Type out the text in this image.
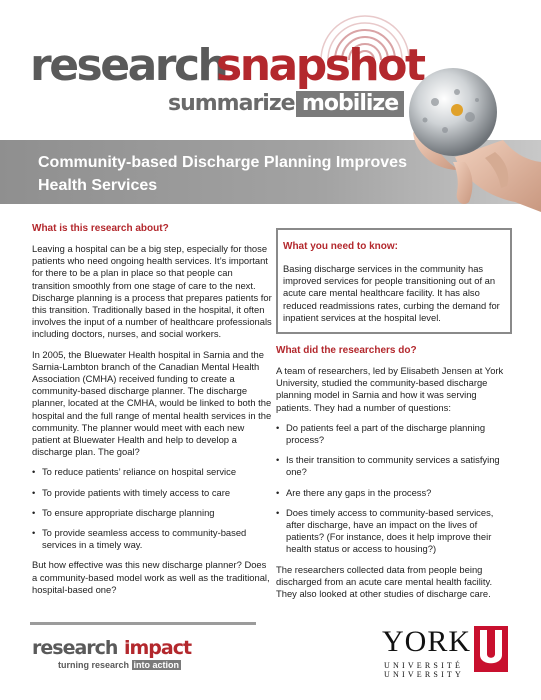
research
snapshot
summarize mobilize
Community-based Discharge Planning Improves
Health Services
What is this research about?

Leaving a hospital can be a big step, especially for those patients who need ongoing health services. It’s important for there to be a plan in place so that people can transition smoothly from one stage of care to the next. Discharge planning is a process that prepares patients for this transition. Traditionally based in the hospital, it often involves the input of a number of healthcare professionals including doctors, nurses, and social workers.

In 2005, the Bluewater Health hospital in Sarnia and the Sarnia-Lambton branch of the Canadian Mental Health Association (CMHA) received funding to create a community-based discharge planner. The discharge planner, located at the CMHA, would be linked to both the hospital and the full range of mental health services in the community. The planner would meet with each new patient at Bluewater Health and help to develop a discharge plan. The goal?

• To reduce patients’ reliance on hospital service
• To provide patients with timely access to care
• To ensure appropriate discharge planning
• To provide seamless access to community-based services in a timely way.

But how effective was this new discharge planner? Does a community-based model work as well as the traditional, hospital-based one?

What you need to know:

Basing discharge services in the community has improved services for people transitioning out of an acute care mental healthcare facility. It has also reduced readmissions rates, curbing the demand for inpatient services at the hospital level.

What did the researchers do?

A team of researchers, led by Elisabeth Jensen at York University, studied the community-based discharge planning model in Sarnia and how it was serving patients. They had a number of questions:

• Do patients feel a part of the discharge planning process?
• Is their transition to community services a satisfying one?
• Are there any gaps in the process?
• Does timely access to community-based services, after discharge, have an impact on the lives of patients? (For instance, does it help improve their health status or access to housing?)

The researchers collected data from people being discharged from an acute care mental health facility. They also looked at other studies of discharge care.

research impact
turning research into action
YORK
UNIVERSITÉ
UNIVERSITY
